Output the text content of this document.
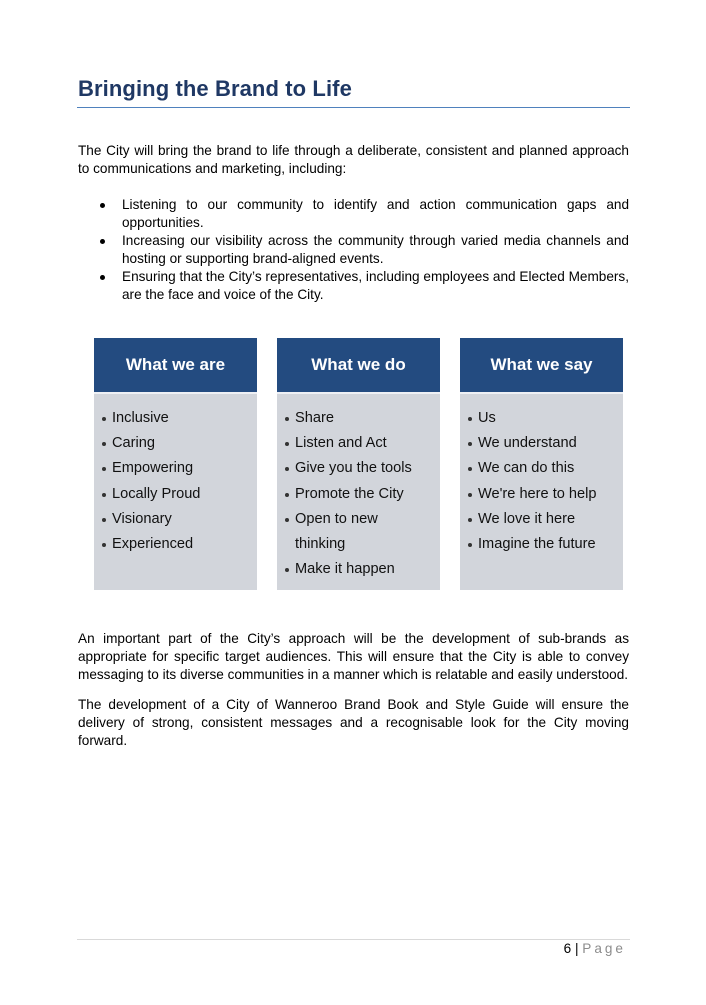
Bringing the Brand to Life

The City will bring the brand to life through a deliberate, consistent and planned approach to communications and marketing, including:

Listening to our community to identify and action communication gaps and opportunities.
Increasing our visibility across the community through varied media channels and hosting or supporting brand-aligned events.
Ensuring that the City’s representatives, including employees and Elected Members, are the face and voice of the City.
What we are
Inclusive
Caring
Empowering
Locally Proud
Visionary
Experienced
What we do
Share
Listen and Act
Give you the tools
Promote the City
Open to new
thinking
Make it happen
What we say
Us
We understand
We can do this
We're here to help
We love it here
Imagine the future

An important part of the City’s approach will be the development of sub-brands as appropriate for specific target audiences. This will ensure that the City is able to convey messaging to its diverse communities in a manner which is relatable and easily understood.

The development of a City of Wanneroo Brand Book and Style Guide will ensure the delivery of strong, consistent messages and a recognisable look for the City moving forward.

6 | Page
